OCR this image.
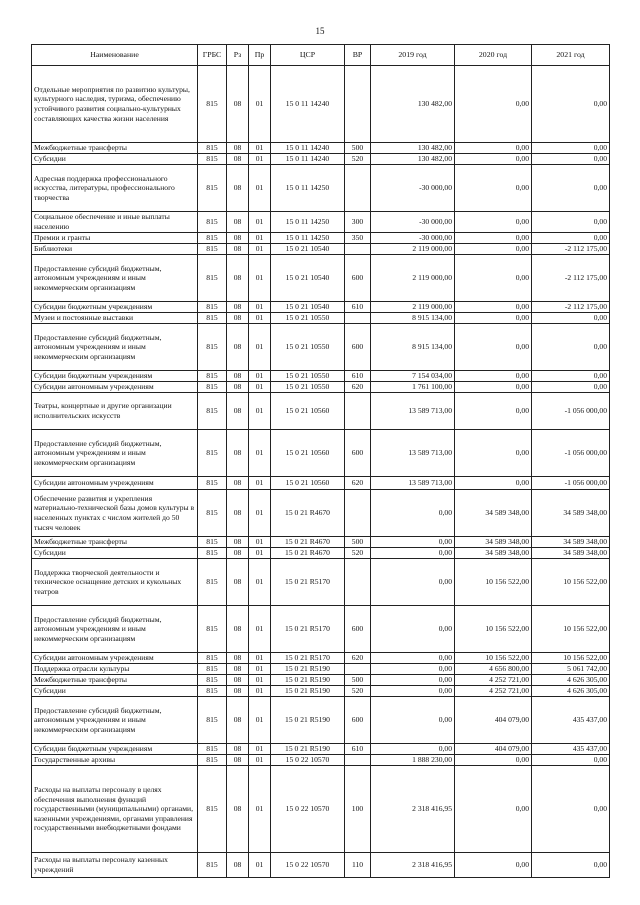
15
Наименование	ГРБС	Рз	Пр	ЦСР	ВР	2019 год	2020 год	2021 год
Отдельные мероприятия по развитию культуры, культурного наследия, туризма, обеспечению устойчивого развития социально-культурных составляющих качества жизни населения	815	08	01	15 0 11 14240		130 482,00	0,00	0,00
Межбюджетные трансферты	815	08	01	15 0 11 14240	500	130 482,00	0,00	0,00
Субсидии	815	08	01	15 0 11 14240	520	130 482,00	0,00	0,00
Адресная поддержка профессионального искусства, литературы, профессионального творчества	815	08	01	15 0 11 14250		-30 000,00	0,00	0,00
Социальное обеспечение и иные выплаты населению	815	08	01	15 0 11 14250	300	-30 000,00	0,00	0,00
Премии и гранты	815	08	01	15 0 11 14250	350	-30 000,00	0,00	0,00
Библиотеки	815	08	01	15 0 21 10540		2 119 000,00	0,00	-2 112 175,00
Предоставление субсидий бюджетным, автономным учреждениям и иным некоммерческим организациям	815	08	01	15 0 21 10540	600	2 119 000,00	0,00	-2 112 175,00
Субсидии бюджетным учреждениям	815	08	01	15 0 21 10540	610	2 119 000,00	0,00	-2 112 175,00
Музеи и постоянные выставки	815	08	01	15 0 21 10550		8 915 134,00	0,00	0,00
Предоставление субсидий бюджетным, автономным учреждениям и иным некоммерческим организациям	815	08	01	15 0 21 10550	600	8 915 134,00	0,00	0,00
Субсидии бюджетным учреждениям	815	08	01	15 0 21 10550	610	7 154 034,00	0,00	0,00
Субсидии автономным учреждениям	815	08	01	15 0 21 10550	620	1 761 100,00	0,00	0,00
Театры, концертные и другие организации исполнительских искусств	815	08	01	15 0 21 10560		13 589 713,00	0,00	-1 056 000,00
Предоставление субсидий бюджетным, автономным учреждениям и иным некоммерческим организациям	815	08	01	15 0 21 10560	600	13 589 713,00	0,00	-1 056 000,00
Субсидии автономным учреждениям	815	08	01	15 0 21 10560	620	13 589 713,00	0,00	-1 056 000,00
Обеспечение развития и укрепления материально-технической базы домов культуры в населенных пунктах с числом жителей до 50 тысяч человек	815	08	01	15 0 21 R4670		0,00	34 589 348,00	34 589 348,00
Межбюджетные трансферты	815	08	01	15 0 21 R4670	500	0,00	34 589 348,00	34 589 348,00
Субсидии	815	08	01	15 0 21 R4670	520	0,00	34 589 348,00	34 589 348,00
Поддержка творческой деятельности и техническое оснащение детских и кукольных театров	815	08	01	15 0 21 R5170		0,00	10 156 522,00	10 156 522,00
Предоставление субсидий бюджетным, автономным учреждениям и иным некоммерческим организациям	815	08	01	15 0 21 R5170	600	0,00	10 156 522,00	10 156 522,00
Субсидии автономным учреждениям	815	08	01	15 0 21 R5170	620	0,00	10 156 522,00	10 156 522,00
Поддержка отрасли культуры	815	08	01	15 0 21 R5190		0,00	4 656 800,00	5 061 742,00
Межбюджетные трансферты	815	08	01	15 0 21 R5190	500	0,00	4 252 721,00	4 626 305,00
Субсидии	815	08	01	15 0 21 R5190	520	0,00	4 252 721,00	4 626 305,00
Предоставление субсидий бюджетным, автономным учреждениям и иным некоммерческим организациям	815	08	01	15 0 21 R5190	600	0,00	404 079,00	435 437,00
Субсидии бюджетным учреждениям	815	08	01	15 0 21 R5190	610	0,00	404 079,00	435 437,00
Государственные архивы	815	08	01	15 0 22 10570		1 888 230,00	0,00	0,00
Расходы на выплаты персоналу в целях обеспечения выполнения функций государственными (муниципальными) органами, казенными учреждениями, органами управления государственными внебюджетными фондами	815	08	01	15 0 22 10570	100	2 318 416,95	0,00	0,00
Расходы на выплаты персоналу казенных учреждений	815	08	01	15 0 22 10570	110	2 318 416,95	0,00	0,00
